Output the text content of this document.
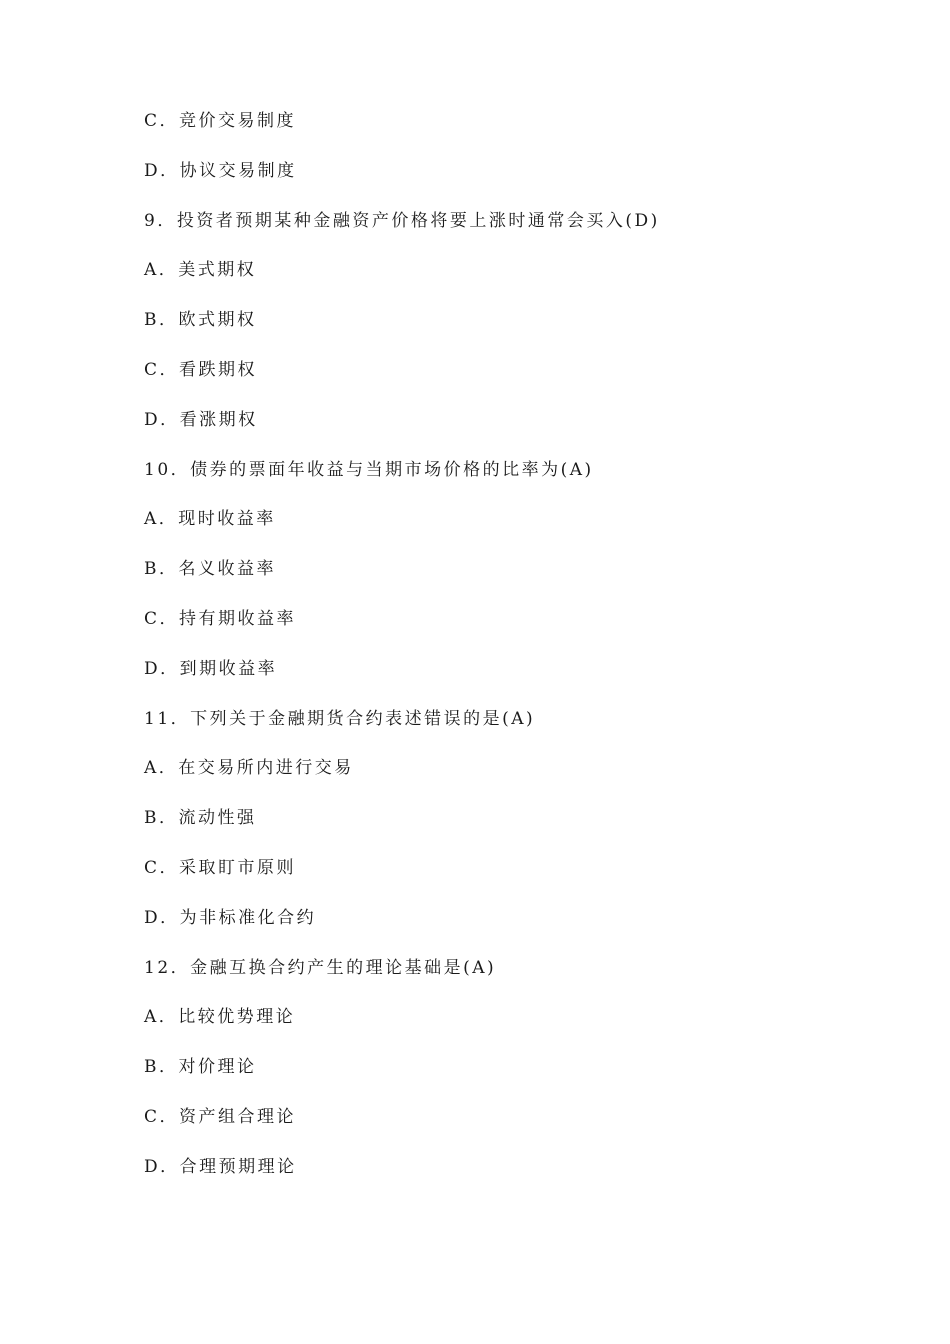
C．竞价交易制度
D．协议交易制度
9．投资者预期某种金融资产价格将要上涨时通常会买入(D)
A．美式期权
B．欧式期权
C．看跌期权
D．看涨期权
10．债券的票面年收益与当期市场价格的比率为(A)
A．现时收益率
B．名义收益率
C．持有期收益率
D．到期收益率
11．下列关于金融期货合约表述错误的是(A)
A．在交易所内进行交易
B．流动性强
C．采取盯市原则
D．为非标准化合约
12．金融互换合约产生的理论基础是(A)
A．比较优势理论
B．对价理论
C．资产组合理论
D．合理预期理论
